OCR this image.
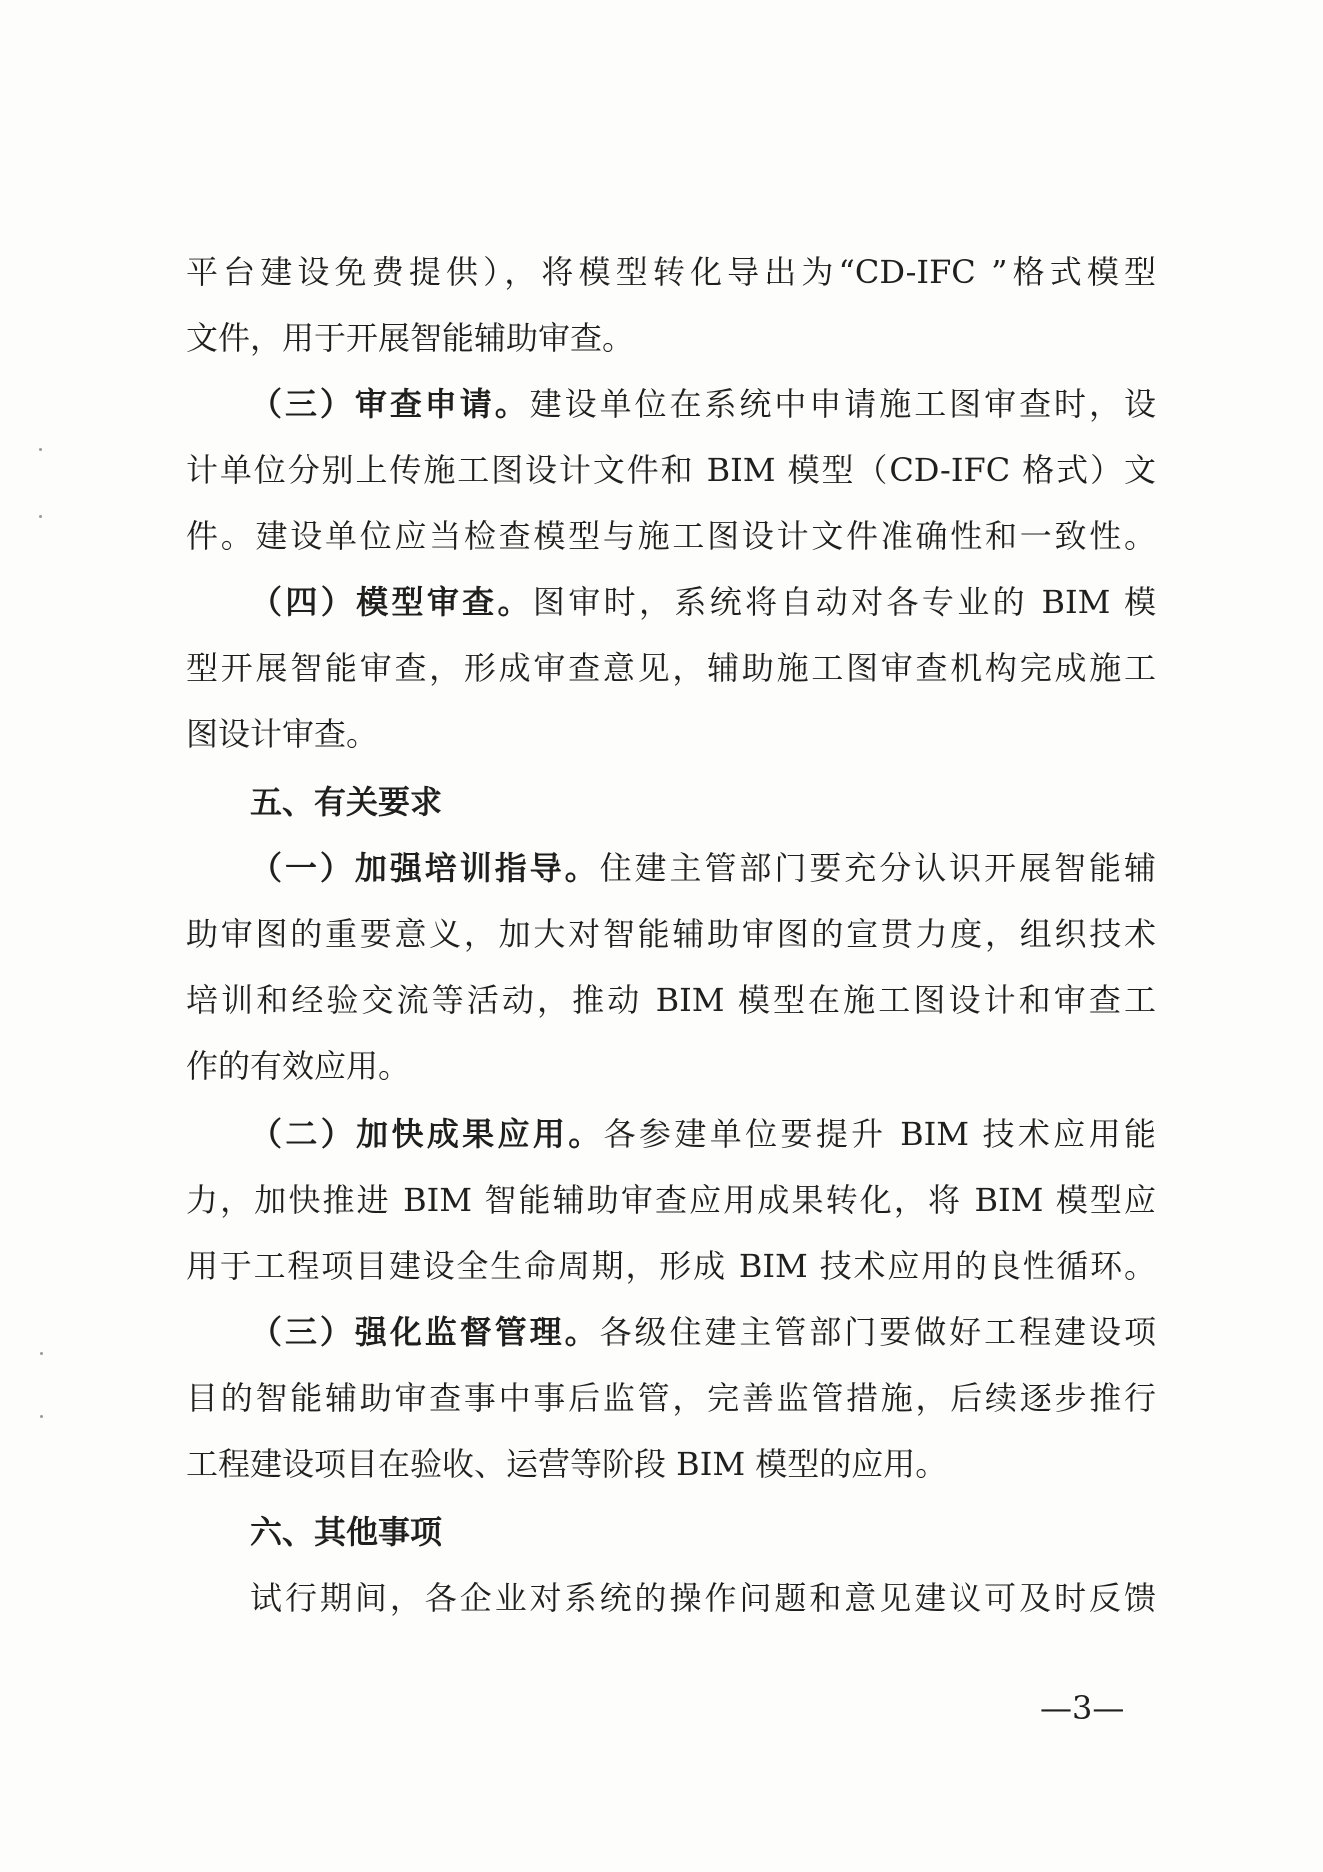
平台建设免费提供），将模型转化导出为“CD-IFC ”格式模型
文件，用于开展智能辅助审查。
（三）审查申请。建设单位在系统中申请施工图审查时，设
计单位分别上传施工图设计文件和 BIM 模型（CD-IFC 格式）文
件。建设单位应当检查模型与施工图设计文件准确性和一致性。
（四）模型审查。图审时，系统将自动对各专业的 BIM 模
型开展智能审查，形成审查意见，辅助施工图审查机构完成施工
图设计审查。
五、有关要求
（一）加强培训指导。住建主管部门要充分认识开展智能辅
助审图的重要意义，加大对智能辅助审图的宣贯力度，组织技术
培训和经验交流等活动，推动 BIM 模型在施工图设计和审查工
作的有效应用。
（二）加快成果应用。各参建单位要提升 BIM 技术应用能
力，加快推进 BIM 智能辅助审查应用成果转化，将 BIM 模型应
用于工程项目建设全生命周期，形成 BIM 技术应用的良性循环。
（三）强化监督管理。各级住建主管部门要做好工程建设项
目的智能辅助审查事中事后监管，完善监管措施，后续逐步推行
工程建设项目在验收、运营等阶段 BIM 模型的应用。
六、其他事项
试行期间，各企业对系统的操作问题和意见建议可及时反馈
—3—
